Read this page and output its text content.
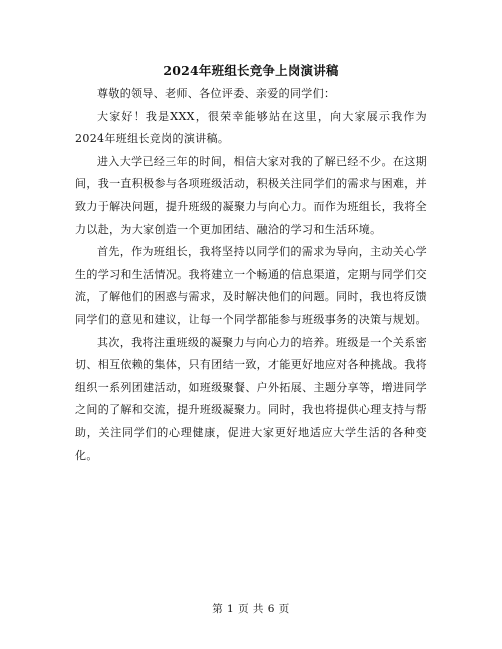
2024年班组长竞争上岗演讲稿

尊敬的领导、老师、各位评委、亲爱的同学们：

大家好！我是XXX，很荣幸能够站在这里，向大家展示我作为2024年班组长竞岗的演讲稿。

进入大学已经三年的时间，相信大家对我的了解已经不少。在这期间，我一直积极参与各项班级活动，积极关注同学们的需求与困难，并致力于解决问题，提升班级的凝聚力与向心力。而作为班组长，我将全力以赴，为大家创造一个更加团结、融洽的学习和生活环境。

首先，作为班组长，我将坚持以同学们的需求为导向，主动关心学生的学习和生活情况。我将建立一个畅通的信息渠道，定期与同学们交流，了解他们的困惑与需求，及时解决他们的问题。同时，我也将反馈同学们的意见和建议，让每一个同学都能参与班级事务的决策与规划。

其次，我将注重班级的凝聚力与向心力的培养。班级是一个关系密切、相互依赖的集体，只有团结一致，才能更好地应对各种挑战。我将组织一系列团建活动，如班级聚餐、户外拓展、主题分享等，增进同学之间的了解和交流，提升班级凝聚力。同时，我也将提供心理支持与帮助，关注同学们的心理健康，促进大家更好地适应大学生活的各种变化。

第 1 页 共 6 页
